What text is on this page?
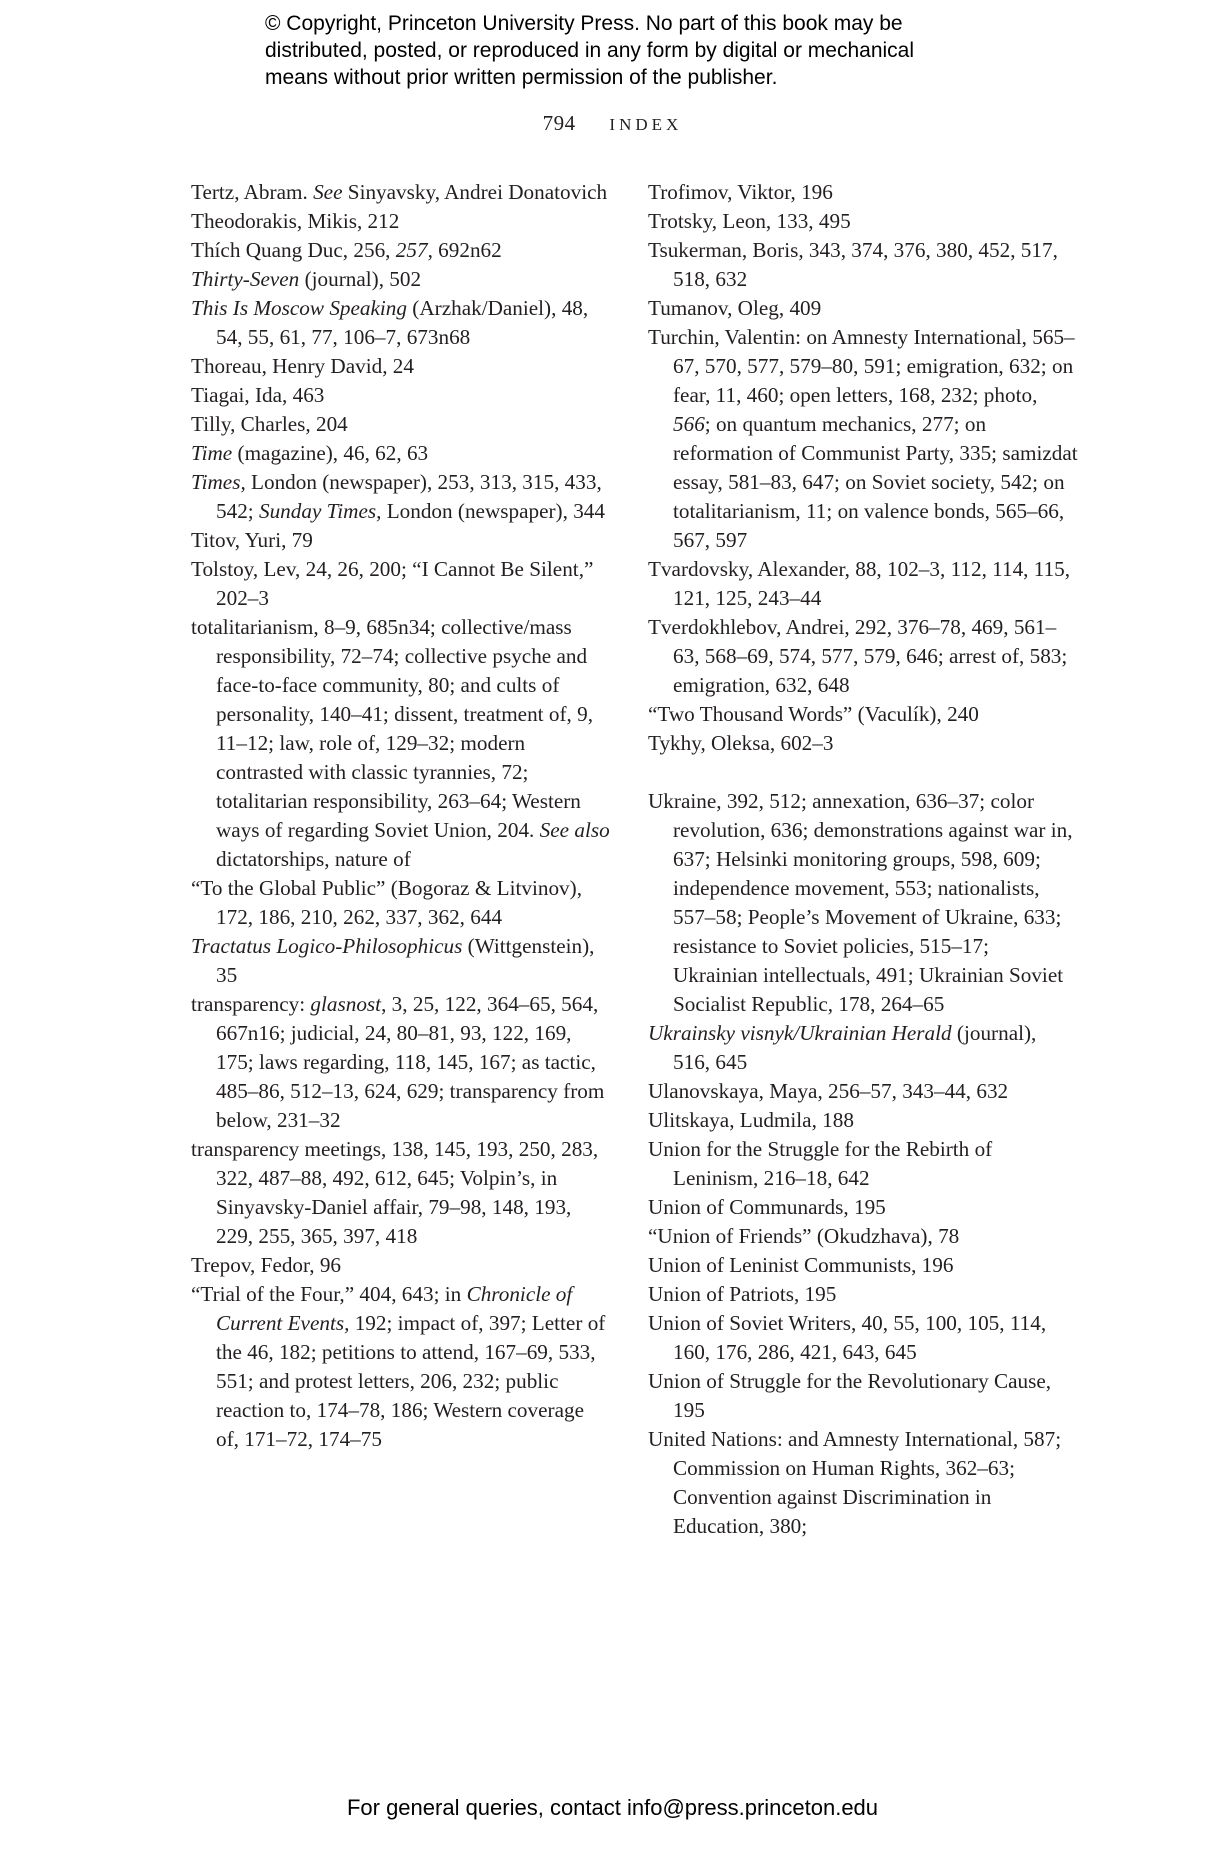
© Copyright, Princeton University Press. No part of this book may be
distributed, posted, or reproduced in any form by digital or mechanical
means without prior written permission of the publisher.
794 INDEX
Tertz, Abram. See Sinyavsky, Andrei Donatovich
Theodorakis, Mikis, 212
Thích Quang Duc, 256, 257, 692n62
Thirty-Seven (journal), 502
This Is Moscow Speaking (Arzhak/Daniel), 48, 54, 55, 61, 77, 106–7, 673n68
Thoreau, Henry David, 24
Tiagai, Ida, 463
Tilly, Charles, 204
Time (magazine), 46, 62, 63
Times, London (newspaper), 253, 313, 315, 433, 542; Sunday Times, London (newspaper), 344
Titov, Yuri, 79
Tolstoy, Lev, 24, 26, 200; “I Cannot Be Silent,” 202–3
totalitarianism, 8–9, 685n34; collective/mass responsibility, 72–74; collective psyche and face-to-face community, 80; and cults of personality, 140–41; dissent, treatment of, 9, 11–12; law, role of, 129–32; modern contrasted with classic tyrannies, 72; totalitarian responsibility, 263–64; Western ways of regarding Soviet Union, 204. See also dictatorships, nature of
“To the Global Public” (Bogoraz & Litvinov), 172, 186, 210, 262, 337, 362, 644
Tractatus Logico-Philosophicus (Wittgenstein), 35
transparency: glasnost, 3, 25, 122, 364–65, 564, 667n16; judicial, 24, 80–81, 93, 122, 169, 175; laws regarding, 118, 145, 167; as tactic, 485–86, 512–13, 624, 629; transparency from below, 231–32
transparency meetings, 138, 145, 193, 250, 283, 322, 487–88, 492, 612, 645; Volpin’s, in Sinyavsky-Daniel affair, 79–98, 148, 193, 229, 255, 365, 397, 418
Trepov, Fedor, 96
“Trial of the Four,” 404, 643; in Chronicle of Current Events, 192; impact of, 397; Letter of the 46, 182; petitions to attend, 167–69, 533, 551; and protest letters, 206, 232; public reaction to, 174–78, 186; Western coverage of, 171–72, 174–75
Trofimov, Viktor, 196
Trotsky, Leon, 133, 495
Tsukerman, Boris, 343, 374, 376, 380, 452, 517, 518, 632
Tumanov, Oleg, 409
Turchin, Valentin: on Amnesty International, 565–67, 570, 577, 579–80, 591; emigration, 632; on fear, 11, 460; open letters, 168, 232; photo, 566; on quantum mechanics, 277; on reformation of Communist Party, 335; samizdat essay, 581–83, 647; on Soviet society, 542; on totalitarianism, 11; on valence bonds, 565–66, 567, 597
Tvardovsky, Alexander, 88, 102–3, 112, 114, 115, 121, 125, 243–44
Tverdokhlebov, Andrei, 292, 376–78, 469, 561–63, 568–69, 574, 577, 579, 646; arrest of, 583; emigration, 632, 648
“Two Thousand Words” (Vaculík), 240
Tykhy, Oleksa, 602–3
Ukraine, 392, 512; annexation, 636–37; color revolution, 636; demonstrations against war in, 637; Helsinki monitoring groups, 598, 609; independence movement, 553; nationalists, 557–58; People’s Movement of Ukraine, 633; resistance to Soviet policies, 515–17; Ukrainian intellectuals, 491; Ukrainian Soviet Socialist Republic, 178, 264–65
Ukrainsky visnyk/Ukrainian Herald (journal), 516, 645
Ulanovskaya, Maya, 256–57, 343–44, 632
Ulitskaya, Ludmila, 188
Union for the Struggle for the Rebirth of Leninism, 216–18, 642
Union of Communards, 195
“Union of Friends” (Okudzhava), 78
Union of Leninist Communists, 196
Union of Patriots, 195
Union of Soviet Writers, 40, 55, 100, 105, 114, 160, 176, 286, 421, 643, 645
Union of Struggle for the Revolutionary Cause, 195
United Nations: and Amnesty International, 587; Commission on Human Rights, 362–63; Convention against Discrimination in Education, 380;
For general queries, contact info@press.princeton.edu
